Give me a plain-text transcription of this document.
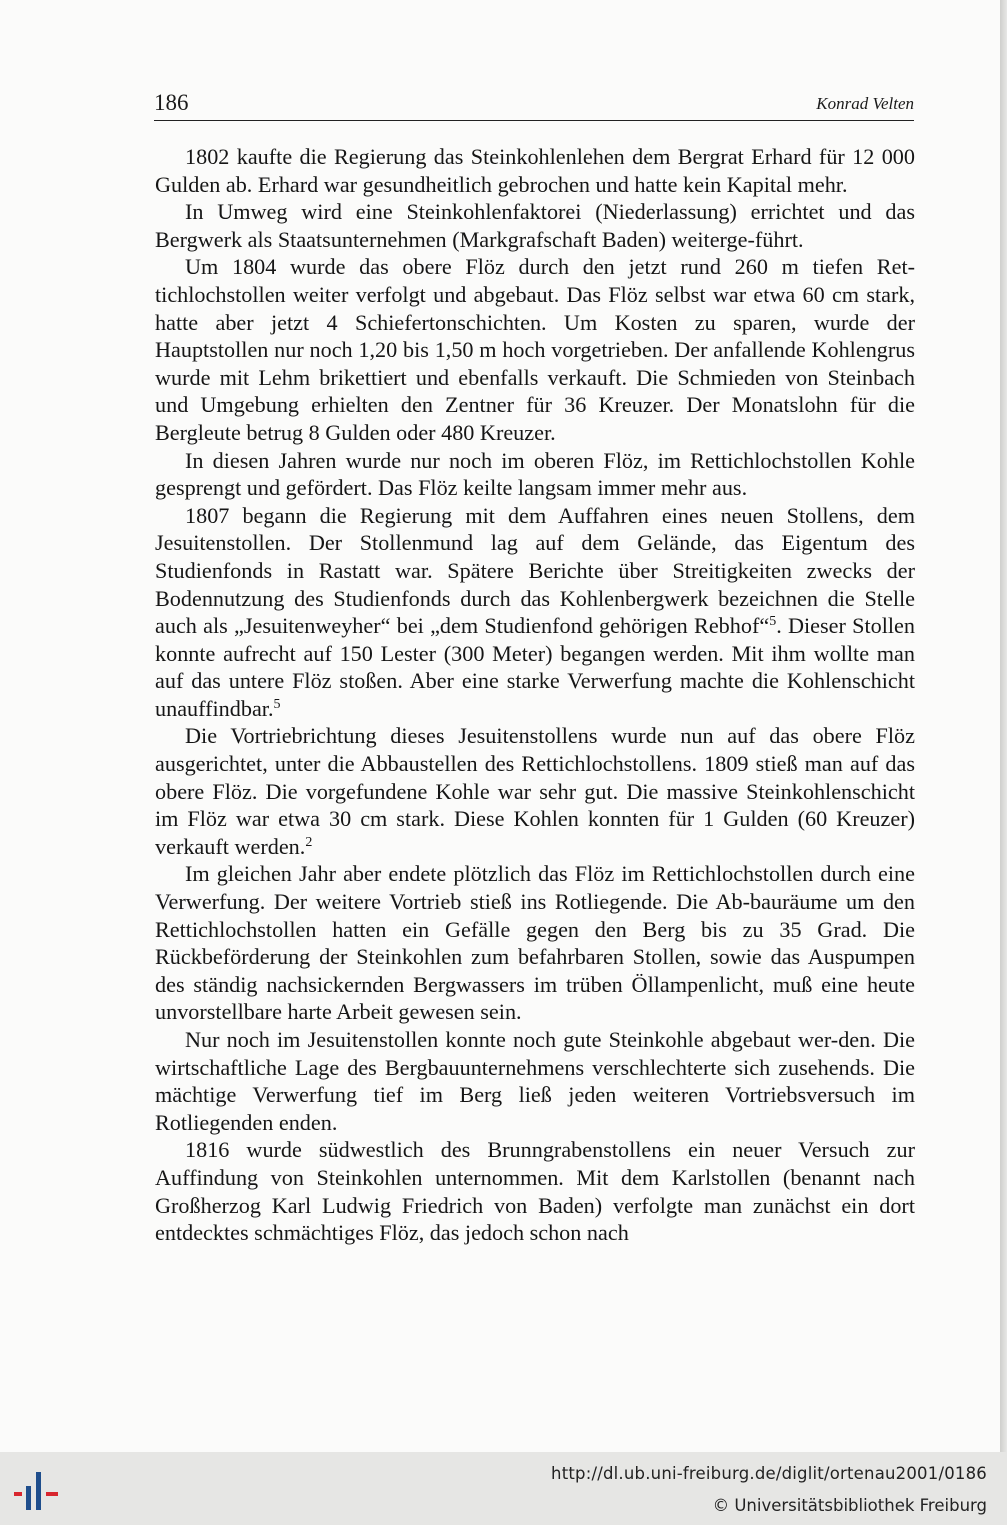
186	Konrad Velten

1802 kaufte die Regierung das Steinkohlenlehen dem Bergrat Erhard für 12 000 Gulden ab. Erhard war gesundheitlich gebrochen und hatte kein Kapital mehr.

In Umweg wird eine Steinkohlenfaktorei (Niederlassung) errichtet und das Bergwerk als Staatsunternehmen (Markgrafschaft Baden) weiterge-führt.

Um 1804 wurde das obere Flöz durch den jetzt rund 260 m tiefen Ret-tichlochstollen weiter verfolgt und abgebaut. Das Flöz selbst war etwa 60 cm stark, hatte aber jetzt 4 Schiefertonschichten. Um Kosten zu sparen, wurde der Hauptstollen nur noch 1,20 bis 1,50 m hoch vorgetrieben. Der anfallende Kohlengrus wurde mit Lehm brikettiert und ebenfalls verkauft. Die Schmieden von Steinbach und Umgebung erhielten den Zentner für 36 Kreuzer. Der Monatslohn für die Bergleute betrug 8 Gulden oder 480 Kreuzer.

In diesen Jahren wurde nur noch im oberen Flöz, im Rettichlochstollen Kohle gesprengt und gefördert. Das Flöz keilte langsam immer mehr aus.

1807 begann die Regierung mit dem Auffahren eines neuen Stollens, dem Jesuitenstollen. Der Stollenmund lag auf dem Gelände, das Eigentum des Studienfonds in Rastatt war. Spätere Berichte über Streitigkeiten zwecks der Bodennutzung des Studienfonds durch das Kohlenbergwerk bezeichnen die Stelle auch als „Jesuitenweyher“ bei „dem Studienfond gehörigen Rebhof“$^5$. Dieser Stollen konnte aufrecht auf 150 Lester (300 Meter) begangen werden. Mit ihm wollte man auf das untere Flöz stoßen. Aber eine starke Verwerfung machte die Kohlenschicht unauffindbar.$^5$

Die Vortriebrichtung dieses Jesuitenstollens wurde nun auf das obere Flöz ausgerichtet, unter die Abbaustellen des Rettichlochstollens. 1809 stieß man auf das obere Flöz. Die vorgefundene Kohle war sehr gut. Die massive Steinkohlenschicht im Flöz war etwa 30 cm stark. Diese Kohlen konnten für 1 Gulden (60 Kreuzer) verkauft werden.$^2$

Im gleichen Jahr aber endete plötzlich das Flöz im Rettichlochstollen durch eine Verwerfung. Der weitere Vortrieb stieß ins Rotliegende. Die Ab-bauräume um den Rettichlochstollen hatten ein Gefälle gegen den Berg bis zu 35 Grad. Die Rückbeförderung der Steinkohlen zum befahrbaren Stollen, sowie das Auspumpen des ständig nachsickernden Bergwassers im trüben Öllampenlicht, muß eine heute unvorstellbare harte Arbeit gewesen sein.

Nur noch im Jesuitenstollen konnte noch gute Steinkohle abgebaut wer-den. Die wirtschaftliche Lage des Bergbauunternehmens verschlechterte sich zusehends. Die mächtige Verwerfung tief im Berg ließ jeden weiteren Vortriebsversuch im Rotliegenden enden.

1816 wurde südwestlich des Brunngrabenstollens ein neuer Versuch zur Auffindung von Steinkohlen unternommen. Mit dem Karlstollen (benannt nach Großherzog Karl Ludwig Friedrich von Baden) verfolgte man zunächst ein dort entdecktes schmächtiges Flöz, das jedoch schon nach

http://dl.ub.uni-freiburg.de/diglit/ortenau2001/0186
© Universitätsbibliothek Freiburg
